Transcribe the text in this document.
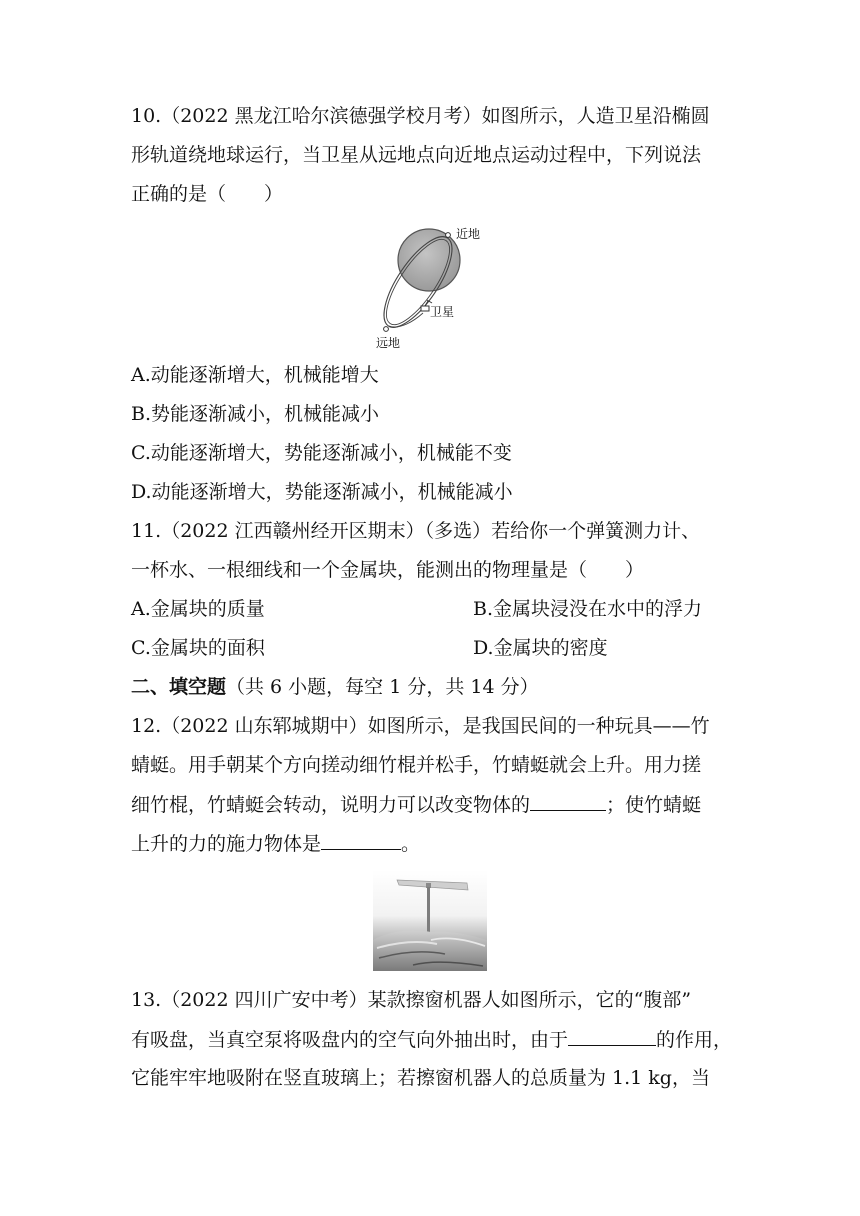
10.（2022 黑龙江哈尔滨德强学校月考）如图所示，人造卫星沿椭圆
形轨道绕地球运行，当卫星从远地点向近地点运动过程中，下列说法
正确的是（　　）
近地
卫星
远地
A.动能逐渐增大，机械能增大
B.势能逐渐减小，机械能减小
C.动能逐渐增大，势能逐渐减小，机械能不变
D.动能逐渐增大，势能逐渐减小，机械能减小
11.（2022 江西赣州经开区期末）（多选）若给你一个弹簧测力计、
一杯水、一根细线和一个金属块，能测出的物理量是（　　）
A.金属块的质量	B.金属块浸没在水中的浮力
C.金属块的面积	D.金属块的密度
二、填空题（共 6 小题，每空 1 分，共 14 分）
12.（2022 山东郓城期中）如图所示，是我国民间的一种玩具——竹
蜻蜓。用手朝某个方向搓动细竹棍并松手，竹蜻蜓就会上升。用力搓
细竹棍，竹蜻蜓会转动，说明力可以改变物体的	；使竹蜻蜓
上升的力的施力物体是	。
13.（2022 四川广安中考）某款擦窗机器人如图所示，它的“腹部”
有吸盘，当真空泵将吸盘内的空气向外抽出时，由于	的作用，
它能牢牢地吸附在竖直玻璃上；若擦窗机器人的总质量为 1.1 kg，当
